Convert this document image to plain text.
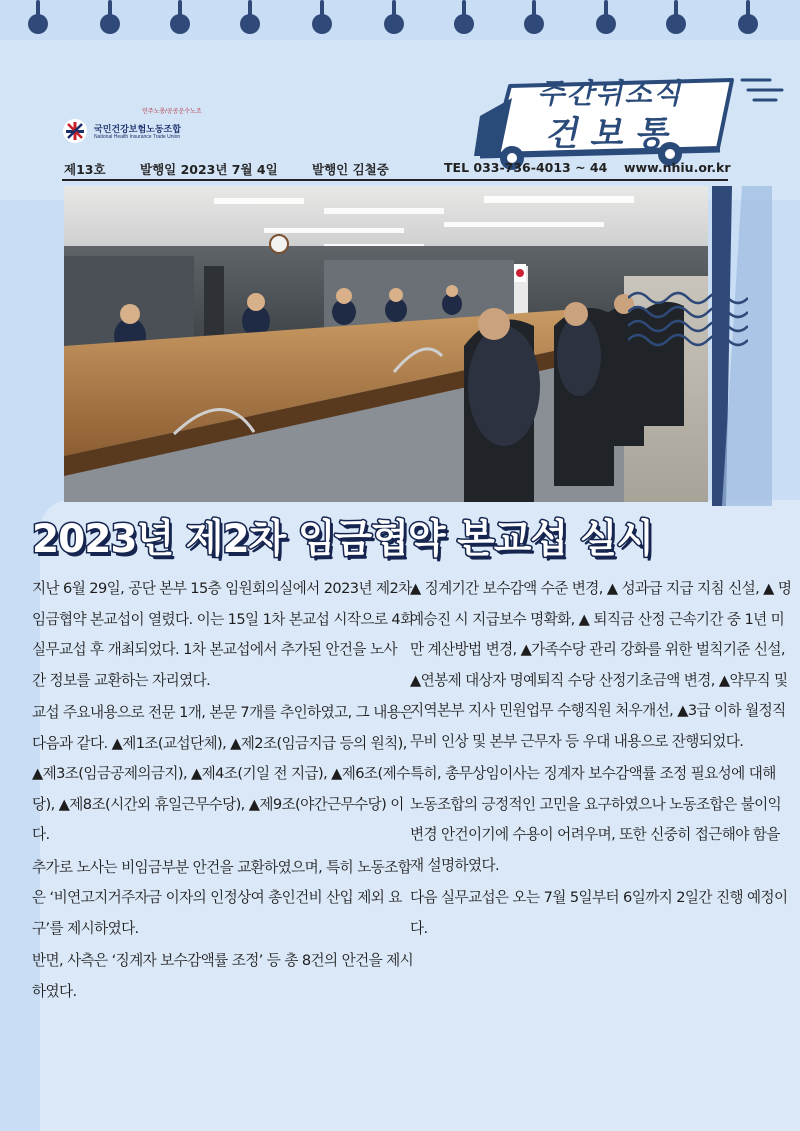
민주노총/공공운수노조
국민건강보험노동조합
National Health Insurance Trade Union
주간뉘소식
건보통
제13호	발행일 2023년 7월 4일	발행인 김철중	TEL 033-736-4013 ~ 44 www.nhiu.or.kr
2023년 제2차 임금협약 본교섭 실시

지난 6월 29일, 공단 본부 15층 임원회의실에서 2023년 제2차 임금협약 본교섭이 열렸다. 이는 15일 1차 본교섭 시작으로 4회 실무교섭 후 개최되었다. 1차 본교섭에서 추가된 안건을 노사 간 정보를 교환하는 자리였다.

교섭 주요내용으로 전문 1개, 본문 7개를 추인하였고, 그 내용은 다음과 같다. ▲제1조(교섭단체), ▲제2조(임금지급 등의 원칙), ▲제3조(임금공제의금지), ▲제4조(기일 전 지급), ▲제6조(제수당), ▲제8조(시간외 휴일근무수당), ▲제9조(야간근무수당) 이다.

추가로 노사는 비임금부분 안건을 교환하였으며, 특히 노동조합은 ‘비연고지거주자금 이자의 인정상여 총인건비 산입 제외 요구’를 제시하였다.

반면, 사측은 ‘징계자 보수감액률 조정’ 등 총 8건의 안건을 제시하였다.

▲ 징계기간 보수감액 수준 변경, ▲ 성과급 지급 지침 신설, ▲ 명예승진 시 지급보수 명확화, ▲ 퇴직금 산정 근속기간 중 1년 미만 계산방법 변경, ▲가족수당 관리 강화를 위한 벌칙기준 신설, ▲연봉제 대상자 명예퇴직 수당 산정기초금액 변경, ▲약무직 및 지역본부 지사 민원업무 수행직원 처우개선, ▲3급 이하 월정직무비 인상 및 본부 근무자 등 우대 내용으로 잔행되었다.

특히, 총무상임이사는 징계자 보수감액률 조정 필요성에 대해 노동조합의 긍정적인 고민을 요구하였으나 노동조합은 불이익 변경 안건이기에 수용이 어려우며, 또한 신중히 접근해야 함을 재 설명하였다.

다음 실무교섭은 오는 7월 5일부터 6일까지 2일간 진행 예정이다.
